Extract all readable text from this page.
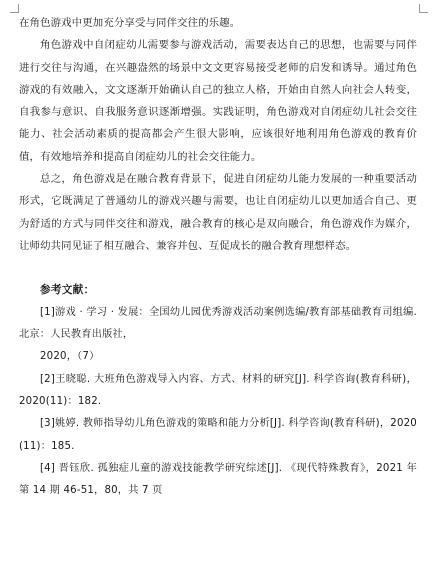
在角色游戏中更加充分享受与同伴交往的乐趣。

角色游戏中自闭症幼儿需要参与游戏活动，需要表达自己的思想，也需要与同伴进行交往与沟通，在兴趣盎然的场景中文文更容易接受老师的启发和诱导。通过角色游戏的有效融入，文文逐渐开始确认自己的独立人格，开始由自然人向社会人转变，自我参与意识、自我服务意识逐渐增强。实践证明，角色游戏对自闭症幼儿社会交往能力、社会活动素质的提高都会产生很大影响，应该很好地利用角色游戏的教育价值，有效地培养和提高自闭症幼儿的社会交往能力。

总之，角色游戏是在融合教育背景下，促进自闭症幼儿能力发展的一种重要活动形式，它既满足了普通幼儿的游戏兴趣与需要，也让自闭症幼儿以更加适合自己、更为舒适的方式与同伴交往和游戏，融合教育的核心是双向融合，角色游戏作为媒介，让师幼共同见证了相互融合、兼容并包、互促成长的融合教育理想样态。

参考文献：

[1]游戏 · 学习 · 发展：全国幼儿园优秀游戏活动案例选编/教育部基础教育司组编. 北京：人民教育出版社，

2020，（7）

[2]王晓聪. 大班角色游戏导入内容、方式、材料的研究[J]. 科学咨询(教育科研)，2020(11)：182.

[3]姚婷. 教师指导幼儿角色游戏的策略和能力分析[J]. 科学咨询(教育科研)，2020(11)：185.

[4] 晋钰欣. 孤独症儿童的游戏技能教学研究综述[J]. 《现代特殊教育》，2021 年第 14 期 46-51，80，共 7 页
